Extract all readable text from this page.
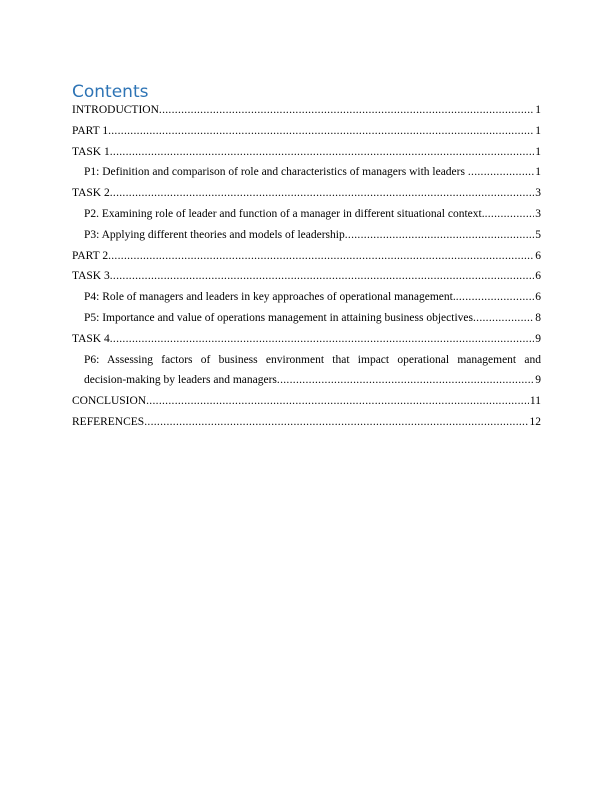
Contents
INTRODUCTION .....	1
PART 1 .....	1
TASK 1 .....	1
P1: Definition and comparison of role and characteristics of managers with leaders .....	1
TASK 2 .....	3
P2. Examining role of leader and function of a manager in different situational context. .....	3
P3: Applying different theories and models of leadership .....	5
PART 2 .....	6
TASK 3 .....	6
P4: Role of managers and leaders in key approaches of operational management. .....	6
P5: Importance and value of operations management in attaining business objectives .....	8
TASK 4 .....	9
P6: Assessing factors of business environment that impact operational management and
decision-making by leaders and managers .....	9
CONCLUSION .....	11
REFERENCES .....	12
